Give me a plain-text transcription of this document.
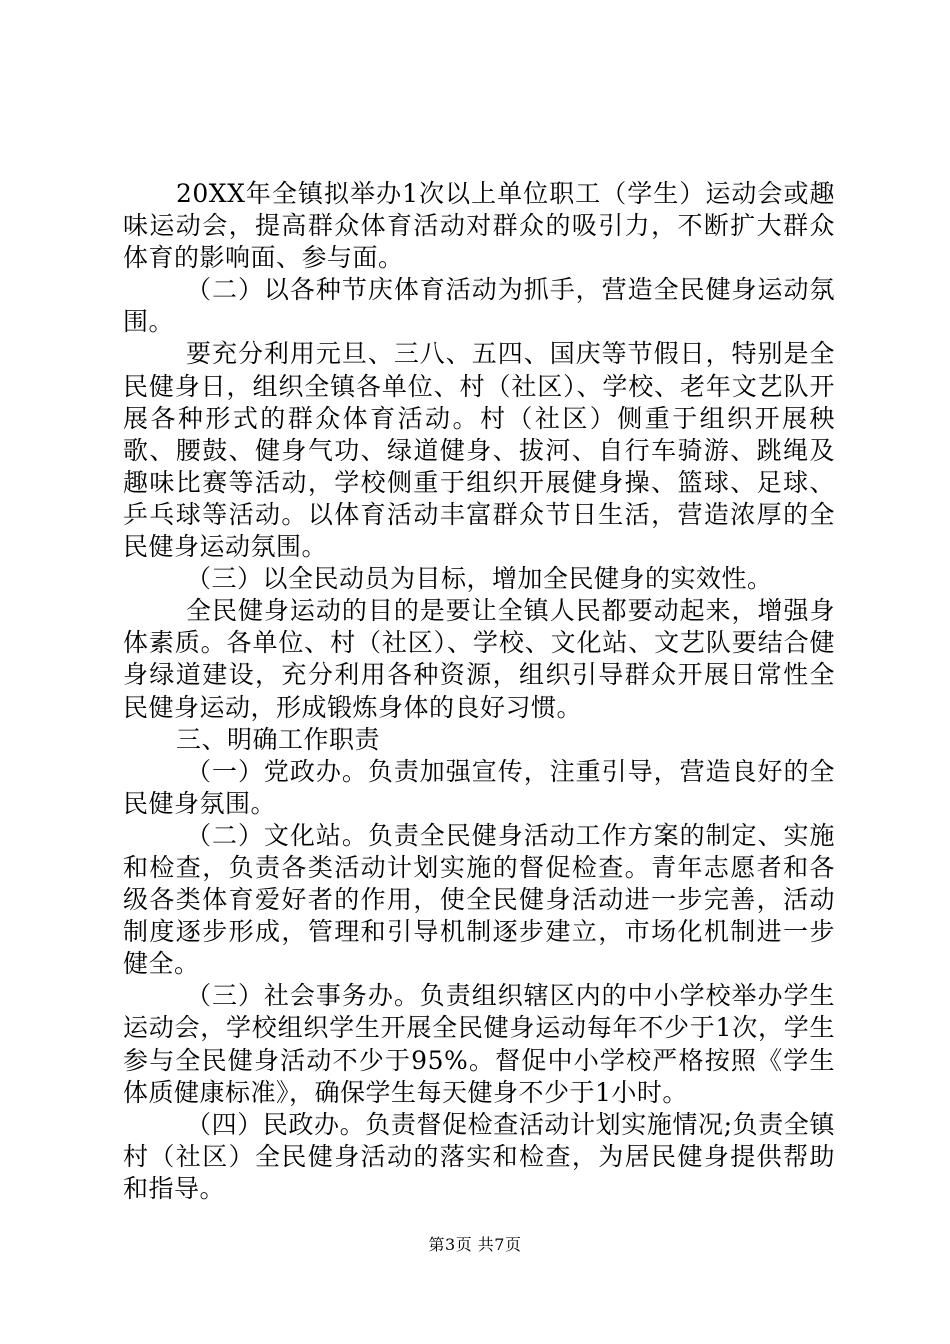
20XX年全镇拟举办1次以上单位职工（学生）运动会或趣味运动会，提高群众体育活动对群众的吸引力，不断扩大群众体育的影响面、参与面。

（二）以各种节庆体育活动为抓手，营造全民健身运动氛围。

要充分利用元旦、三八、五四、国庆等节假日，特别是全民健身日，组织全镇各单位、村（社区）、学校、老年文艺队开展各种形式的群众体育活动。村（社区）侧重于组织开展秧歌、腰鼓、健身气功、绿道健身、拔河、自行车骑游、跳绳及趣味比赛等活动，学校侧重于组织开展健身操、篮球、足球、乒乓球等活动。以体育活动丰富群众节日生活，营造浓厚的全民健身运动氛围。

（三）以全民动员为目标，增加全民健身的实效性。

全民健身运动的目的是要让全镇人民都要动起来，增强身体素质。各单位、村（社区）、学校、文化站、文艺队要结合健身绿道建设，充分利用各种资源，组织引导群众开展日常性全民健身运动，形成锻炼身体的良好习惯。

三、明确工作职责

（一）党政办。负责加强宣传，注重引导，营造良好的全民健身氛围。

（二）文化站。负责全民健身活动工作方案的制定、实施和检查，负责各类活动计划实施的督促检查。青年志愿者和各级各类体育爱好者的作用，使全民健身活动进一步完善，活动制度逐步形成，管理和引导机制逐步建立，市场化机制进一步健全。

（三）社会事务办。负责组织辖区内的中小学校举办学生运动会，学校组织学生开展全民健身运动每年不少于1次，学生参与全民健身活动不少于95%。督促中小学校严格按照《学生体质健康标准》，确保学生每天健身不少于1小时。

（四）民政办。负责督促检查活动计划实施情况;负责全镇村（社区）全民健身活动的落实和检查，为居民健身提供帮助和指导。

第3页 共7页
